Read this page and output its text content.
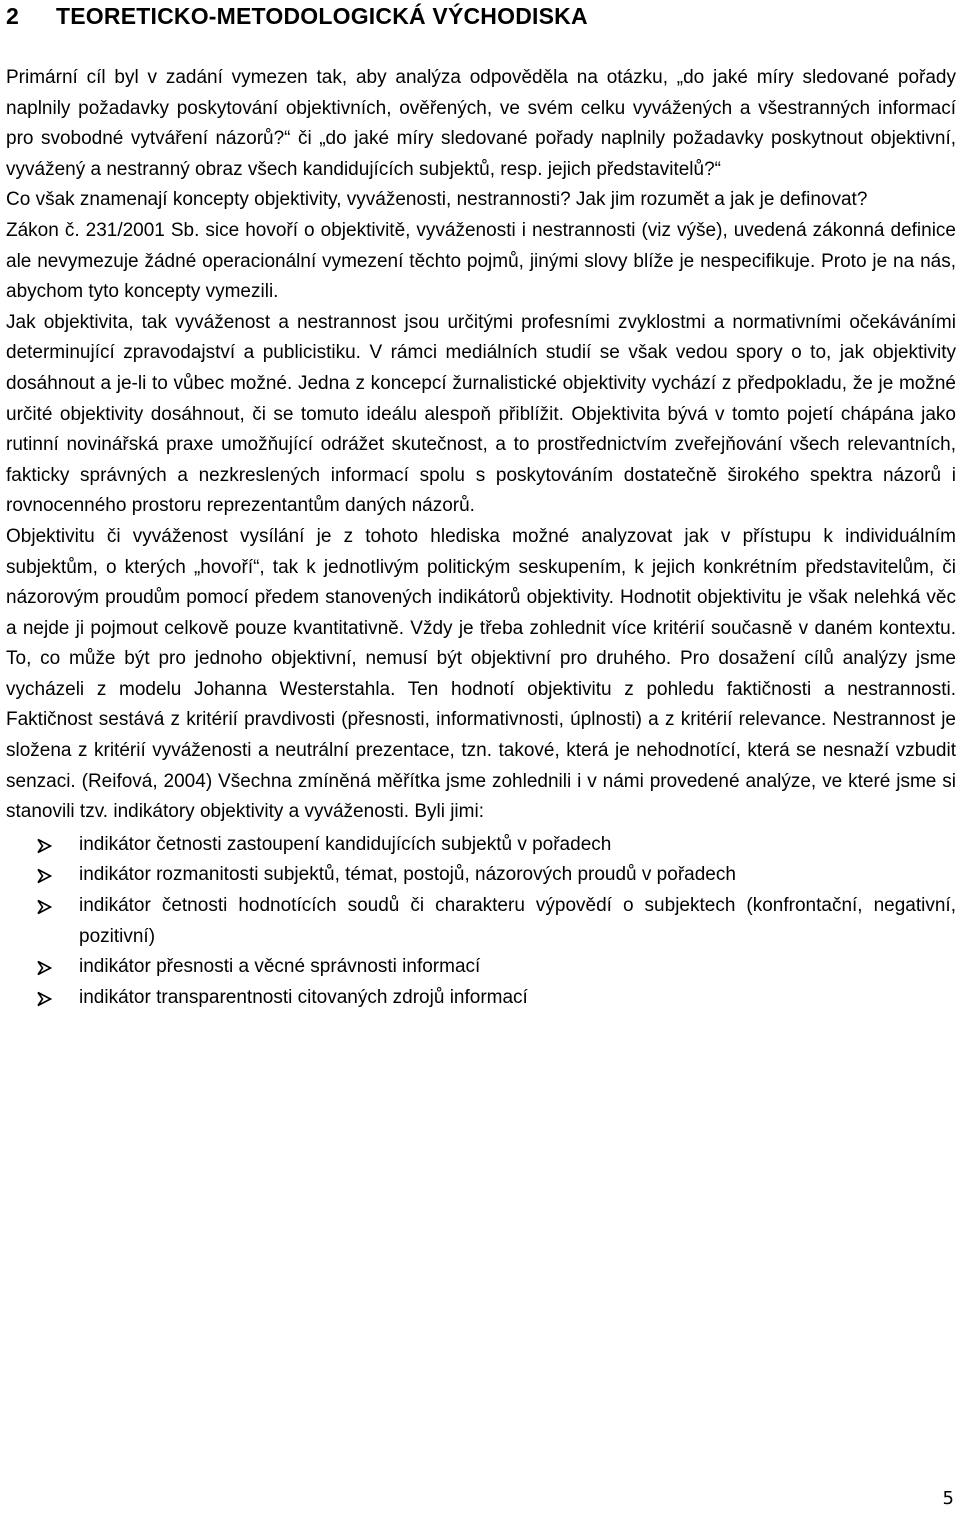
2 TEORETICKO-METODOLOGICKÁ VÝCHODISKA

Primární cíl byl v zadání vymezen tak, aby analýza odpověděla na otázku, „do jaké míry sledované pořady naplnily požadavky poskytování objektivních, ověřených, ve svém celku vyvážených a všestranných informací pro svobodné vytváření názorů?“ či „do jaké míry sledované pořady naplnily požadavky poskytnout objektivní, vyvážený a nestranný obraz všech kandidujících subjektů, resp. jejich představitelů?“

Co však znamenají koncepty objektivity, vyváženosti, nestrannosti? Jak jim rozumět a jak je definovat?

Zákon č. 231/2001 Sb. sice hovoří o objektivitě, vyváženosti i nestrannosti (viz výše), uvedená zákonná definice ale nevymezuje žádné operacionální vymezení těchto pojmů, jinými slovy blíže je nespecifikuje. Proto je na nás, abychom tyto koncepty vymezili.

Jak objektivita, tak vyváženost a nestrannost jsou určitými profesními zvyklostmi a normativními očekáváními determinující zpravodajství a publicistiku. V rámci mediálních studií se však vedou spory o to, jak objektivity dosáhnout a je-li to vůbec možné. Jedna z koncepcí žurnalistické objektivity vychází z předpokladu, že je možné určité objektivity dosáhnout, či se tomuto ideálu alespoň přiblížit. Objektivita bývá v tomto pojetí chápána jako rutinní novinářská praxe umožňující odrážet skutečnost, a to prostřednictvím zveřejňování všech relevantních, fakticky správných a nezkreslených informací spolu s poskytováním dostatečně širokého spektra názorů i rovnocenného prostoru reprezentantům daných názorů.

Objektivitu či vyváženost vysílání je z tohoto hlediska možné analyzovat jak v přístupu k individuálním subjektům, o kterých „hovoří“, tak k jednotlivým politickým seskupením, k jejich konkrétním představitelům, či názorovým proudům pomocí předem stanovených indikátorů objektivity. Hodnotit objektivitu je však nelehká věc a nejde ji pojmout celkově pouze kvantitativně. Vždy je třeba zohlednit více kritérií současně v daném kontextu. To, co může být pro jednoho objektivní, nemusí být objektivní pro druhého. Pro dosažení cílů analýzy jsme vycházeli z modelu Johanna Westerstahla. Ten hodnotí objektivitu z pohledu faktičnosti a nestrannosti. Faktičnost sestává z kritérií pravdivosti (přesnosti, informativnosti, úplnosti) a z kritérií relevance. Nestrannost je složena z kritérií vyváženosti a neutrální prezentace, tzn. takové, která je nehodnotící, která se nesnaží vzbudit senzaci. (Reifová, 2004) Všechna zmíněná měřítka jsme zohlednili i v námi provedené analýze, ve které jsme si stanovili tzv. indikátory objektivity a vyváženosti. Byli jimi:

indikátor četnosti zastoupení kandidujících subjektů v pořadech
indikátor rozmanitosti subjektů, témat, postojů, názorových proudů v pořadech
indikátor četnosti hodnotících soudů či charakteru výpovědí o subjektech (konfrontační, negativní, pozitivní)
indikátor přesnosti a věcné správnosti informací
indikátor transparentnosti citovaných zdrojů informací
5
